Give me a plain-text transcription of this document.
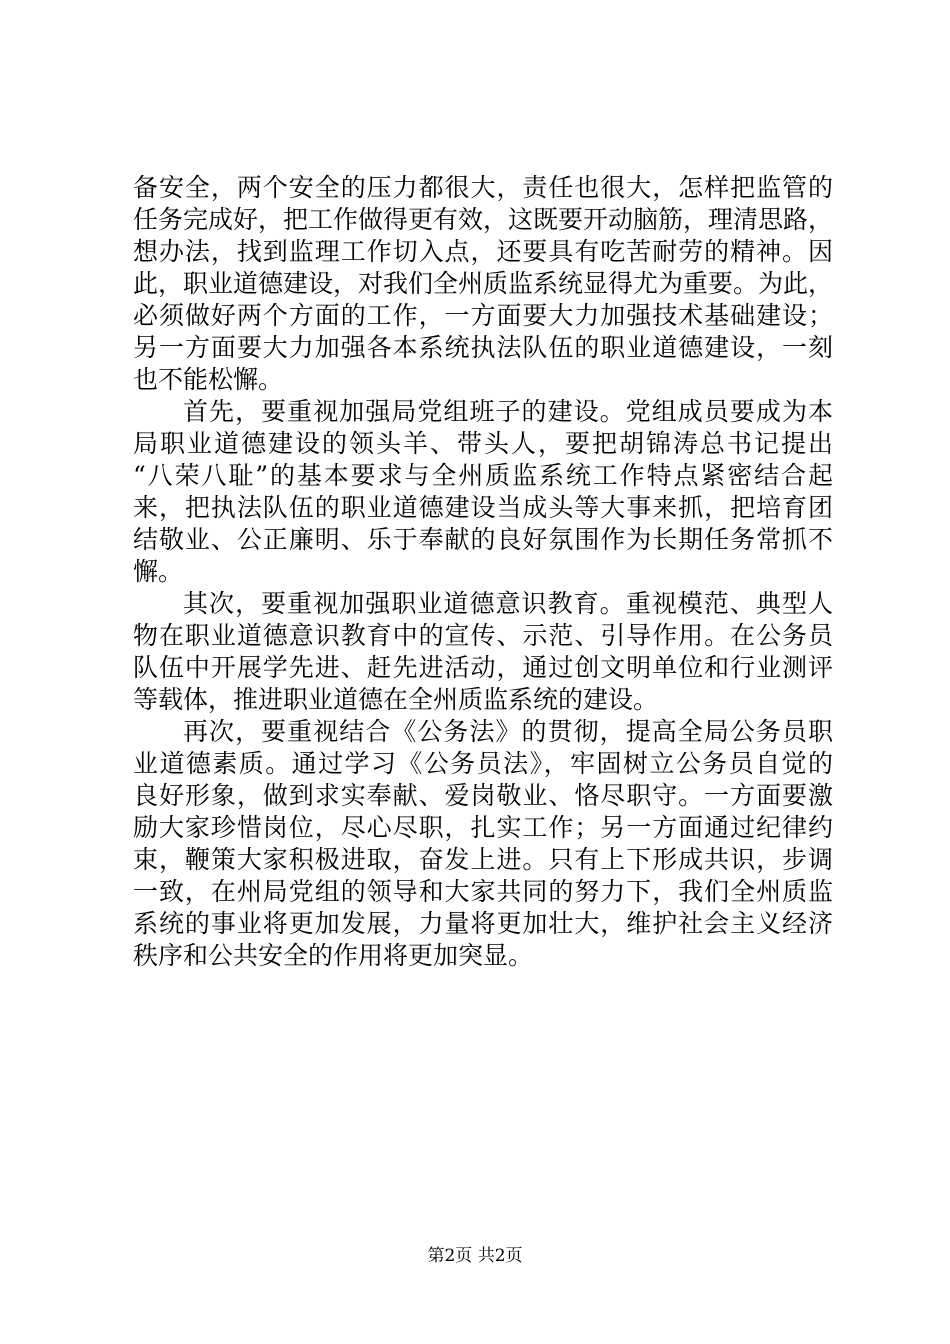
备安全，两个安全的压力都很大，责任也很大，怎样把监管的
任务完成好，把工作做得更有效，这既要开动脑筋，理清思路，
想办法，找到监理工作切入点，还要具有吃苦耐劳的精神。因
此，职业道德建设，对我们全州质监系统显得尤为重要。为此，
必须做好两个方面的工作，一方面要大力加强技术基础建设；
另一方面要大力加强各本系统执法队伍的职业道德建设，一刻
也不能松懈。
首先，要重视加强局党组班子的建设。党组成员要成为本
局职业道德建设的领头羊、带头人，要把胡锦涛总书记提出
“八荣八耻”的基本要求与全州质监系统工作特点紧密结合起
来，把执法队伍的职业道德建设当成头等大事来抓，把培育团
结敬业、公正廉明、乐于奉献的良好氛围作为长期任务常抓不
懈。
其次，要重视加强职业道德意识教育。重视模范、典型人
物在职业道德意识教育中的宣传、示范、引导作用。在公务员
队伍中开展学先进、赶先进活动，通过创文明单位和行业测评
等载体，推进职业道德在全州质监系统的建设。
再次，要重视结合《公务法》的贯彻，提高全局公务员职
业道德素质。通过学习《公务员法》，牢固树立公务员自觉的
良好形象，做到求实奉献、爱岗敬业、恪尽职守。一方面要激
励大家珍惜岗位，尽心尽职，扎实工作；另一方面通过纪律约
束，鞭策大家积极进取，奋发上进。只有上下形成共识，步调
一致，在州局党组的领导和大家共同的努力下，我们全州质监
系统的事业将更加发展，力量将更加壮大，维护社会主义经济
秩序和公共安全的作用将更加突显。
第2页 共2页
